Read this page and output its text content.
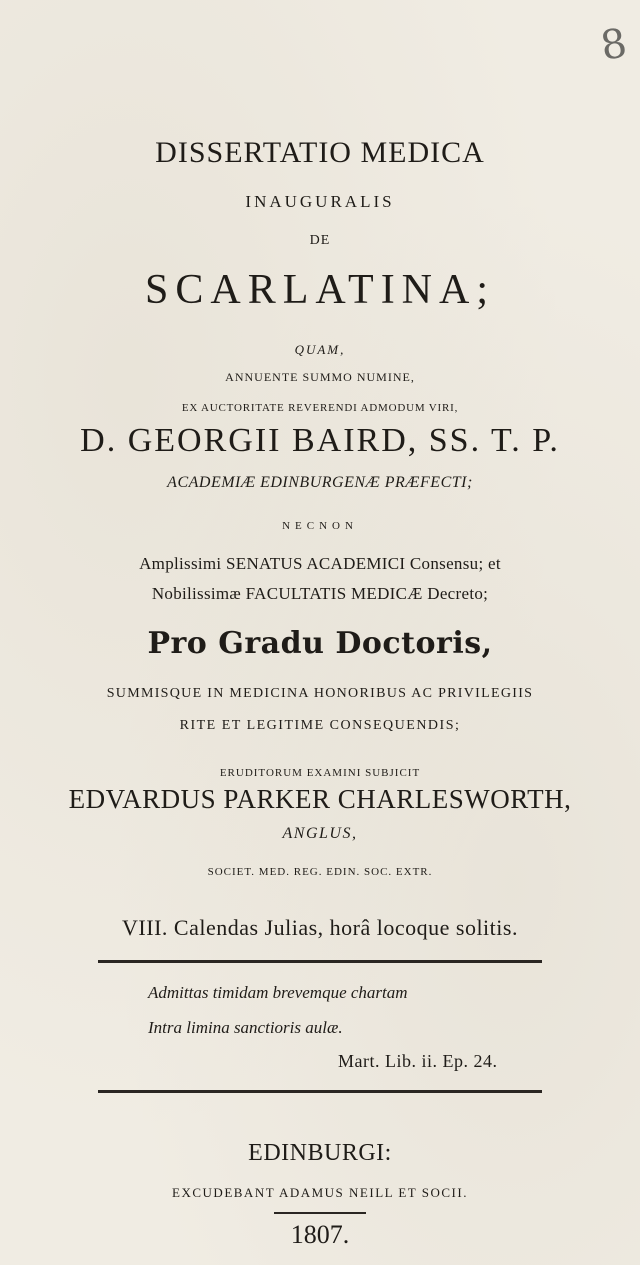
8
DISSERTATIO MEDICA
INAUGURALIS
DE
SCARLATINA;
QUAM,
ANNUENTE SUMMO NUMINE,
EX AUCTORITATE REVERENDI ADMODUM VIRI,
D. GEORGII BAIRD, SS. T. P.
ACADEMIÆ EDINBURGENÆ PRÆFECTI;
NECNON
Amplissimi SENATUS ACADEMICI Consensu; et
Nobilissimæ FACULTATIS MEDICÆ Decreto;
Pro Gradu Doctoris,
SUMMISQUE IN MEDICINA HONORIBUS AC PRIVILEGIIS
RITE ET LEGITIME CONSEQUENDIS;
ERUDITORUM EXAMINI SUBJICIT
EDVARDUS PARKER CHARLESWORTH,
ANGLUS,
SOCIET. MED. REG. EDIN. SOC. EXTR.
VIII. Calendas Julias, horâ locoque solitis.
Admittas timidam brevemque chartam
Intra limina sanctioris aulæ.
Mart. Lib. ii. Ep. 24.
EDINBURGI:
EXCUDEBANT ADAMUS NEILL ET SOCII.
1807.
